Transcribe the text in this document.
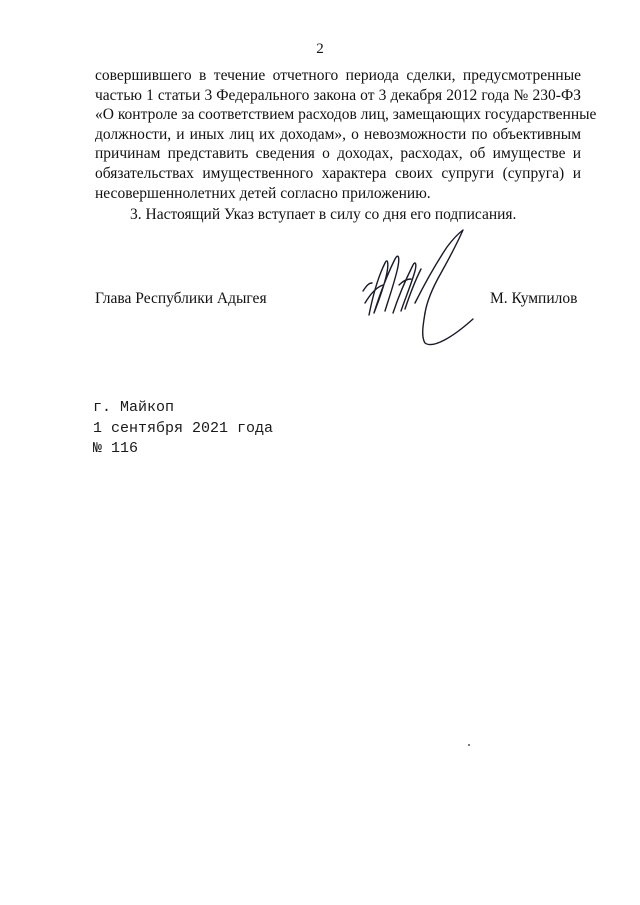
2
совершившего в течение отчетного периода сделки, предусмотренные
частью 1 статьи 3 Федерального закона от 3 декабря 2012 года № 230-ФЗ
«О контроле за соответствием расходов лиц, замещающих государственные
должности, и иных лиц их доходам», о невозможности по объективным
причинам представить сведения о доходах, расходах, об имуществе и
обязательствах имущественного характера своих супруги (супруга) и
несовершеннолетних детей согласно приложению.
3. Настоящий Указ вступает в силу со дня его подписания.
Глава Республики Адыгея	М. Кумпилов
г. Майкоп
1 сентября 2021 года
№ 116
